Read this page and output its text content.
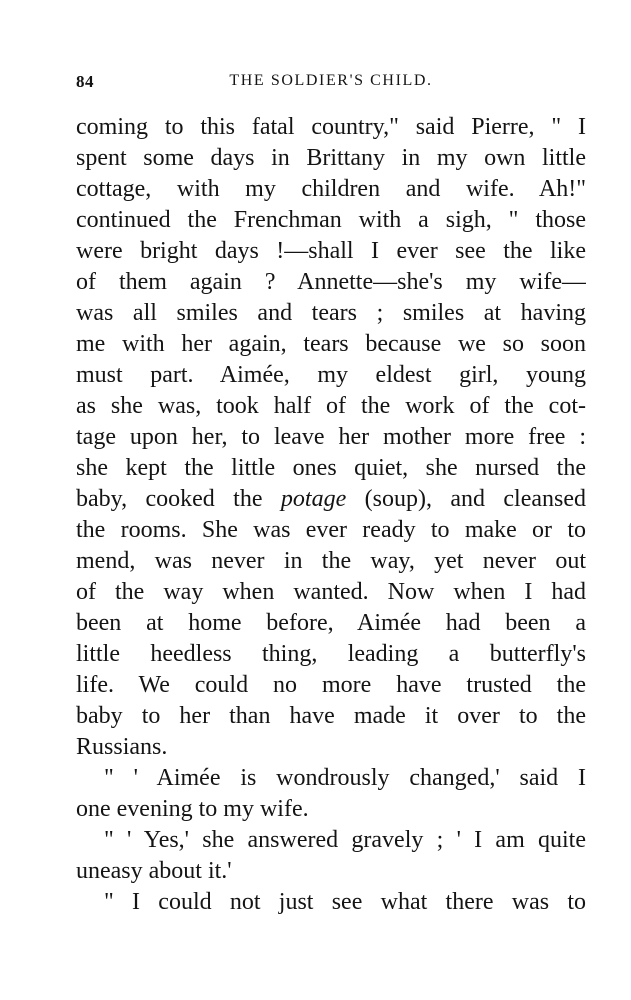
84	THE SOLDIER'S CHILD.
coming to this fatal country," said Pierre, " I
spent some days in Brittany in my own little
cottage, with my children and wife. Ah!"
continued the Frenchman with a sigh, " those
were bright days !—shall I ever see the like
of them again ? Annette—she's my wife—
was all smiles and tears ; smiles at having
me with her again, tears because we so soon
must part. Aimée, my eldest girl, young
as she was, took half of the work of the cot-
tage upon her, to leave her mother more free :
she kept the little ones quiet, she nursed the
baby, cooked the potage (soup), and cleansed
the rooms. She was ever ready to make or to
mend, was never in the way, yet never out
of the way when wanted. Now when I had
been at home before, Aimée had been a
little heedless thing, leading a butterfly's
life. We could no more have trusted the
baby to her than have made it over to the
Russians.
" ' Aimée is wondrously changed,' said I
one evening to my wife.
" ' Yes,' she answered gravely ; ' I am quite
uneasy about it.'
" I could not just see what there was to
